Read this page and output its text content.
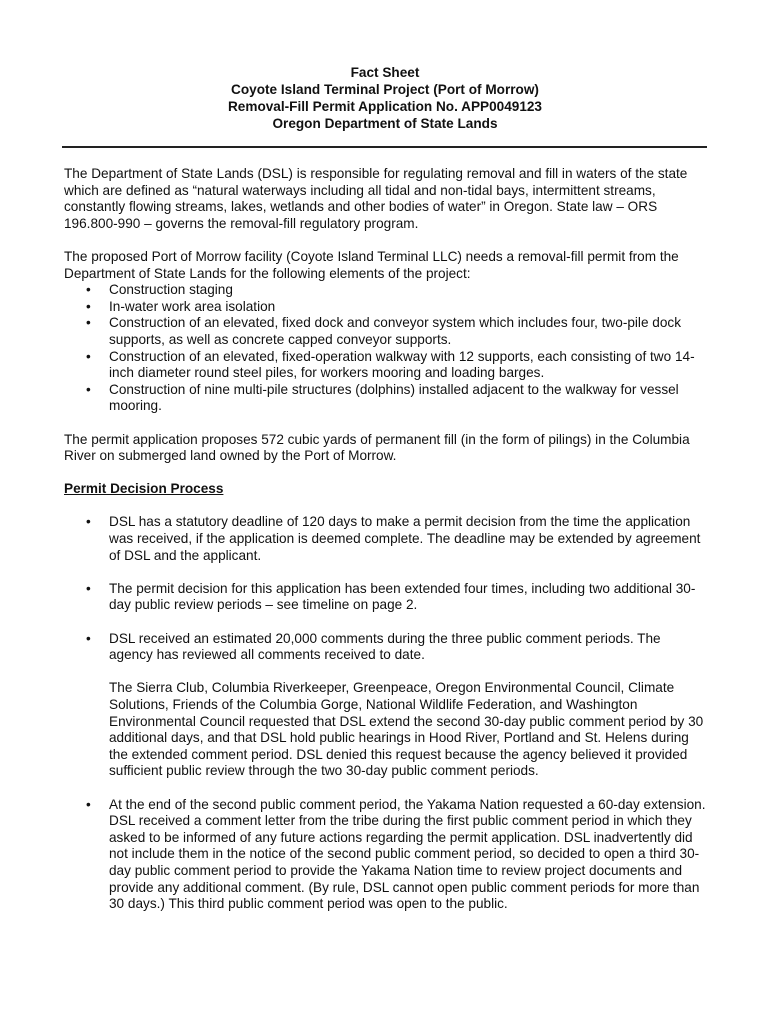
Fact Sheet
Coyote Island Terminal Project (Port of Morrow)
Removal-Fill Permit Application No. APP0049123
Oregon Department of State Lands

The Department of State Lands (DSL) is responsible for regulating removal and fill in waters of the state which are defined as “natural waterways including all tidal and non-tidal bays, intermittent streams, constantly flowing streams, lakes, wetlands and other bodies of water” in Oregon. State law – ORS 196.800-990 – governs the removal-fill regulatory program.

The proposed Port of Morrow facility (Coyote Island Terminal LLC) needs a removal-fill permit from the Department of State Lands for the following elements of the project:

• Construction staging
• In-water work area isolation
• Construction of an elevated, fixed dock and conveyor system which includes four, two-pile dock supports, as well as concrete capped conveyor supports.
• Construction of an elevated, fixed-operation walkway with 12 supports, each consisting of two 14-inch diameter round steel piles, for workers mooring and loading barges.
• Construction of nine multi-pile structures (dolphins) installed adjacent to the walkway for vessel mooring.

The permit application proposes 572 cubic yards of permanent fill (in the form of pilings) in the Columbia River on submerged land owned by the Port of Morrow.

Permit Decision Process

• DSL has a statutory deadline of 120 days to make a permit decision from the time the application was received, if the application is deemed complete. The deadline may be extended by agreement of DSL and the applicant.
• The permit decision for this application has been extended four times, including two additional 30-day public review periods – see timeline on page 2.
• DSL received an estimated 20,000 comments during the three public comment periods. The agency has reviewed all comments received to date.
The Sierra Club, Columbia Riverkeeper, Greenpeace, Oregon Environmental Council, Climate Solutions, Friends of the Columbia Gorge, National Wildlife Federation, and Washington Environmental Council requested that DSL extend the second 30-day public comment period by 30 additional days, and that DSL hold public hearings in Hood River, Portland and St. Helens during the extended comment period. DSL denied this request because the agency believed it provided sufficient public review through the two 30-day public comment periods.
• At the end of the second public comment period, the Yakama Nation requested a 60-day extension. DSL received a comment letter from the tribe during the first public comment period in which they asked to be informed of any future actions regarding the permit application. DSL inadvertently did not include them in the notice of the second public comment period, so decided to open a third 30-day public comment period to provide the Yakama Nation time to review project documents and provide any additional comment. (By rule, DSL cannot open public comment periods for more than 30 days.) This third public comment period was open to the public.
